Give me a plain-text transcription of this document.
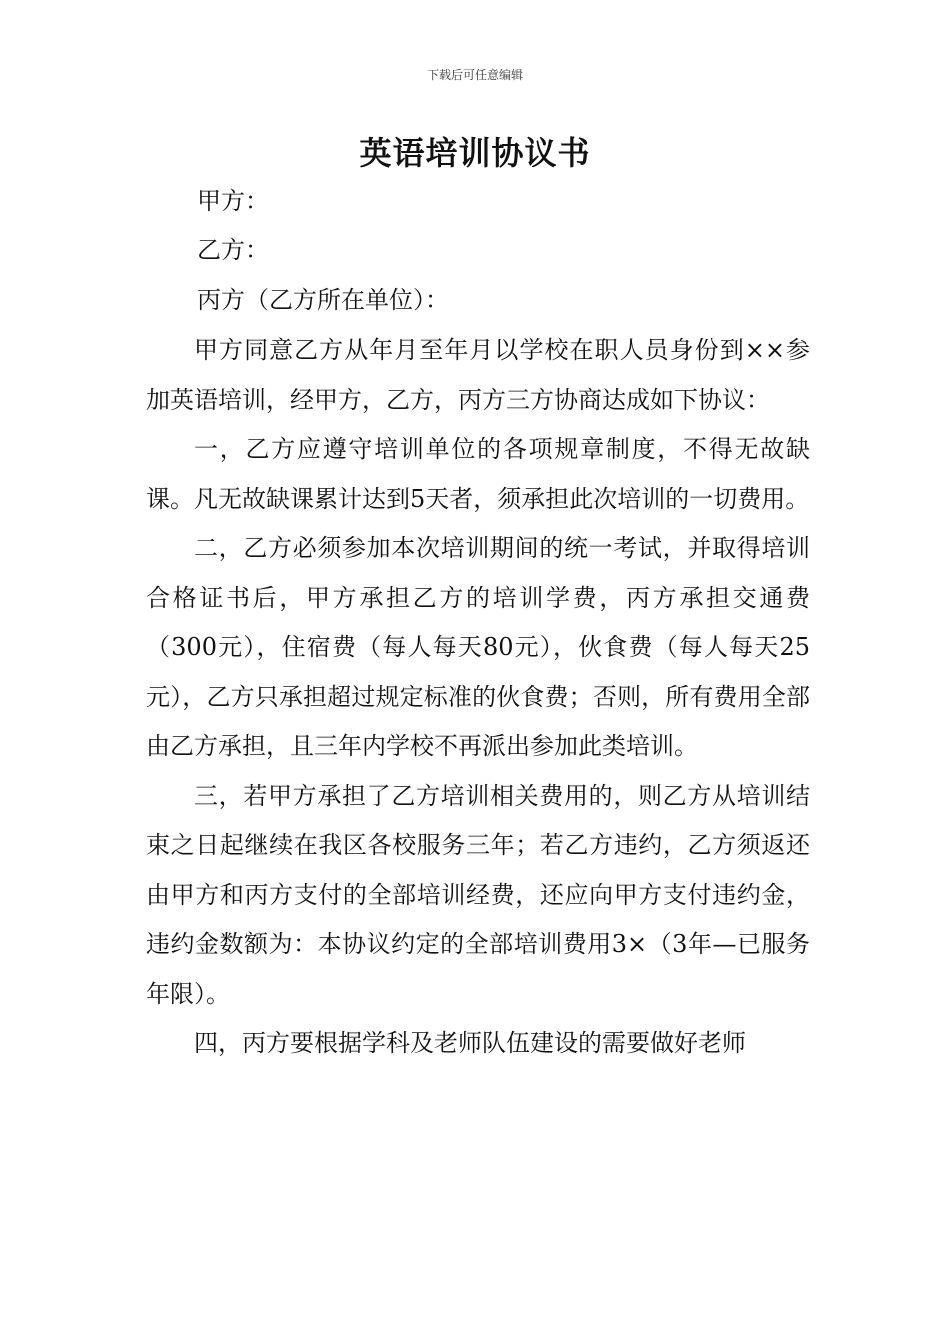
下载后可任意编辑
英语培训协议书

甲方：

乙方：

丙方（乙方所在单位）：

甲方同意乙方从年月至年月以学校在职人员身份到××参加英语培训，经甲方，乙方，丙方三方协商达成如下协议：

一，乙方应遵守培训单位的各项规章制度，不得无故缺课。凡无故缺课累计达到5天者，须承担此次培训的一切费用。

二，乙方必须参加本次培训期间的统一考试，并取得培训合格证书后，甲方承担乙方的培训学费，丙方承担交通费（300元），住宿费（每人每天80元），伙食费（每人每天25元），乙方只承担超过规定标准的伙食费；否则，所有费用全部由乙方承担，且三年内学校不再派出参加此类培训。

三，若甲方承担了乙方培训相关费用的，则乙方从培训结束之日起继续在我区各校服务三年；若乙方违约，乙方须返还由甲方和丙方支付的全部培训经费，还应向甲方支付违约金，违约金数额为：本协议约定的全部培训费用3×（3年—已服务年限）。

四，丙方要根据学科及老师队伍建设的需要做好老师
